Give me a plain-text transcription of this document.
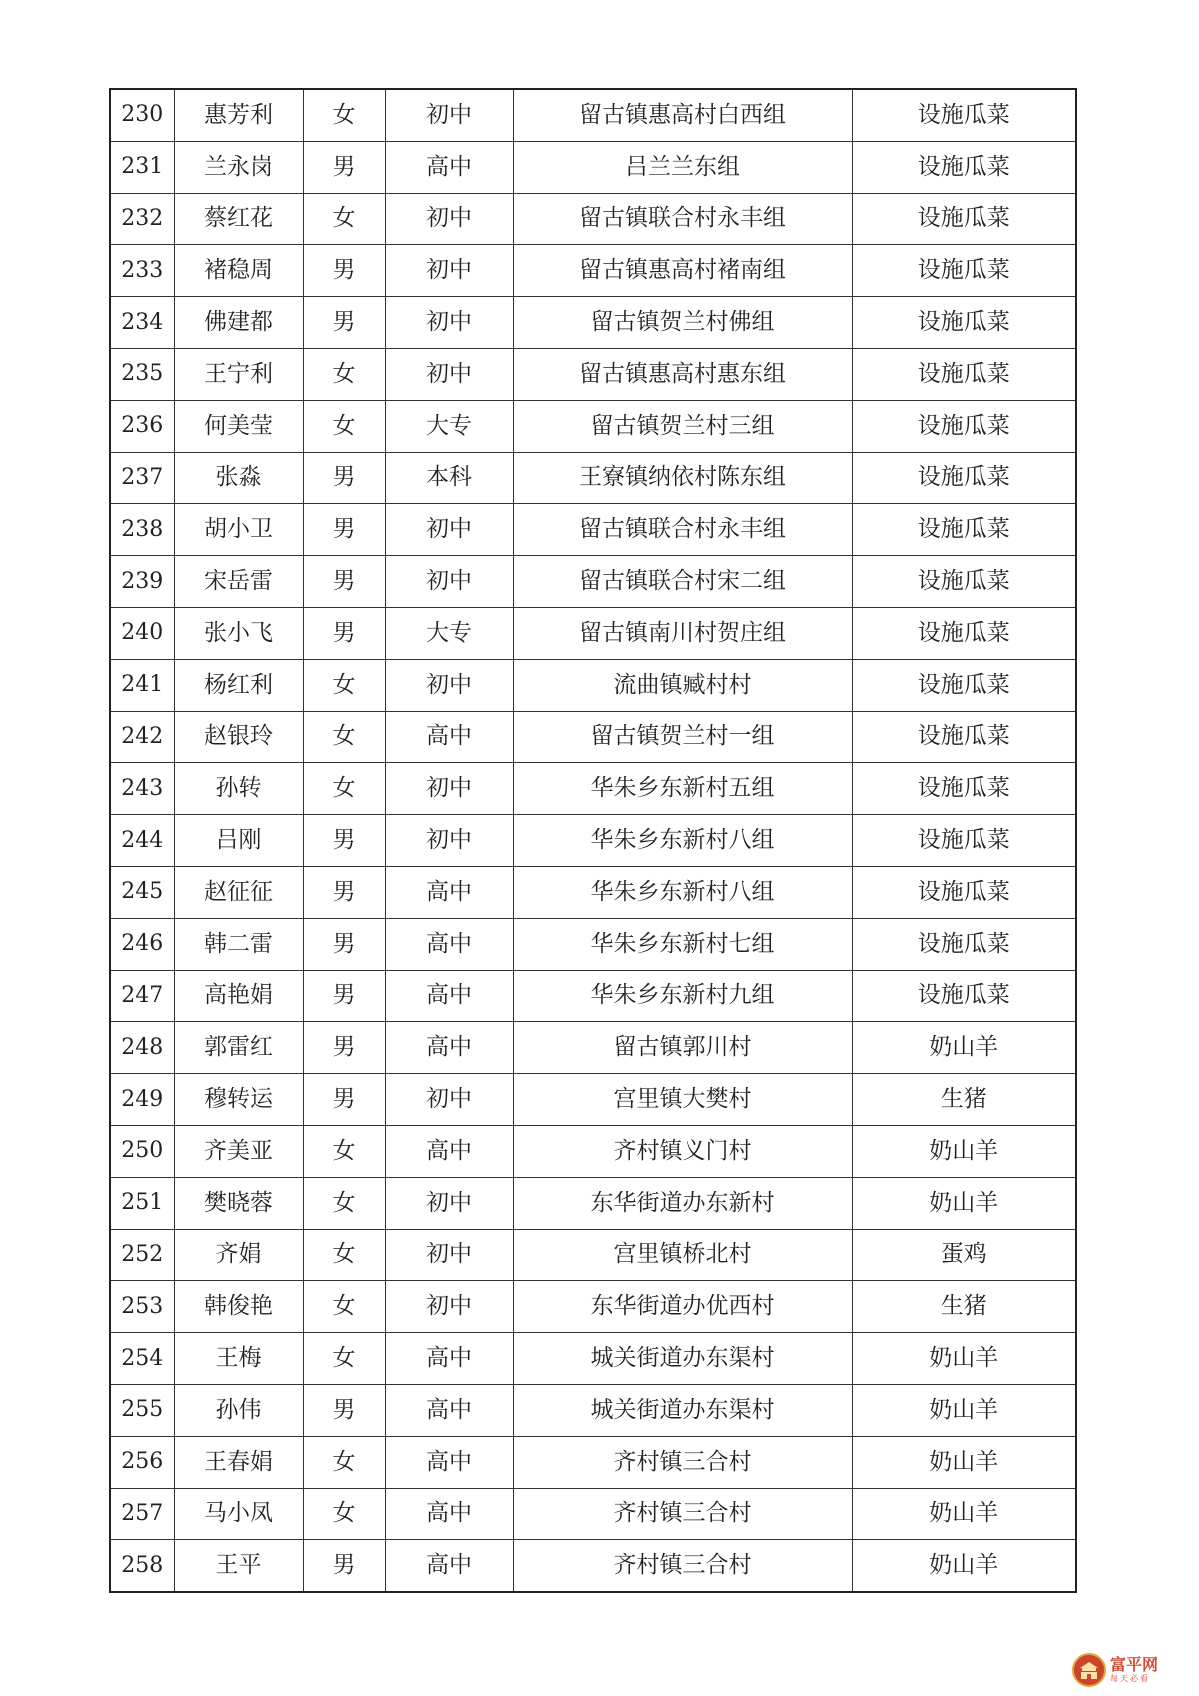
230	惠芳利	女	初中	留古镇惠高村白西组	设施瓜菜
231	兰永岗	男	高中	吕兰兰东组	设施瓜菜
232	蔡红花	女	初中	留古镇联合村永丰组	设施瓜菜
233	褚稳周	男	初中	留古镇惠高村褚南组	设施瓜菜
234	佛建都	男	初中	留古镇贺兰村佛组	设施瓜菜
235	王宁利	女	初中	留古镇惠高村惠东组	设施瓜菜
236	何美莹	女	大专	留古镇贺兰村三组	设施瓜菜
237	张淼	男	本科	王寮镇纳依村陈东组	设施瓜菜
238	胡小卫	男	初中	留古镇联合村永丰组	设施瓜菜
239	宋岳雷	男	初中	留古镇联合村宋二组	设施瓜菜
240	张小飞	男	大专	留古镇南川村贺庄组	设施瓜菜
241	杨红利	女	初中	流曲镇臧村村	设施瓜菜
242	赵银玲	女	高中	留古镇贺兰村一组	设施瓜菜
243	孙转	女	初中	华朱乡东新村五组	设施瓜菜
244	吕刚	男	初中	华朱乡东新村八组	设施瓜菜
245	赵征征	男	高中	华朱乡东新村八组	设施瓜菜
246	韩二雷	男	高中	华朱乡东新村七组	设施瓜菜
247	高艳娟	男	高中	华朱乡东新村九组	设施瓜菜
248	郭雷红	男	高中	留古镇郭川村	奶山羊
249	穆转运	男	初中	宫里镇大樊村	生猪
250	齐美亚	女	高中	齐村镇义门村	奶山羊
251	樊晓蓉	女	初中	东华街道办东新村	奶山羊
252	齐娟	女	初中	宫里镇桥北村	蛋鸡
253	韩俊艳	女	初中	东华街道办优西村	生猪
254	王梅	女	高中	城关街道办东渠村	奶山羊
255	孙伟	男	高中	城关街道办东渠村	奶山羊
256	王春娟	女	高中	齐村镇三合村	奶山羊
257	马小凤	女	高中	齐村镇三合村	奶山羊
258	王平	男	高中	齐村镇三合村	奶山羊
富平网
每天必看
